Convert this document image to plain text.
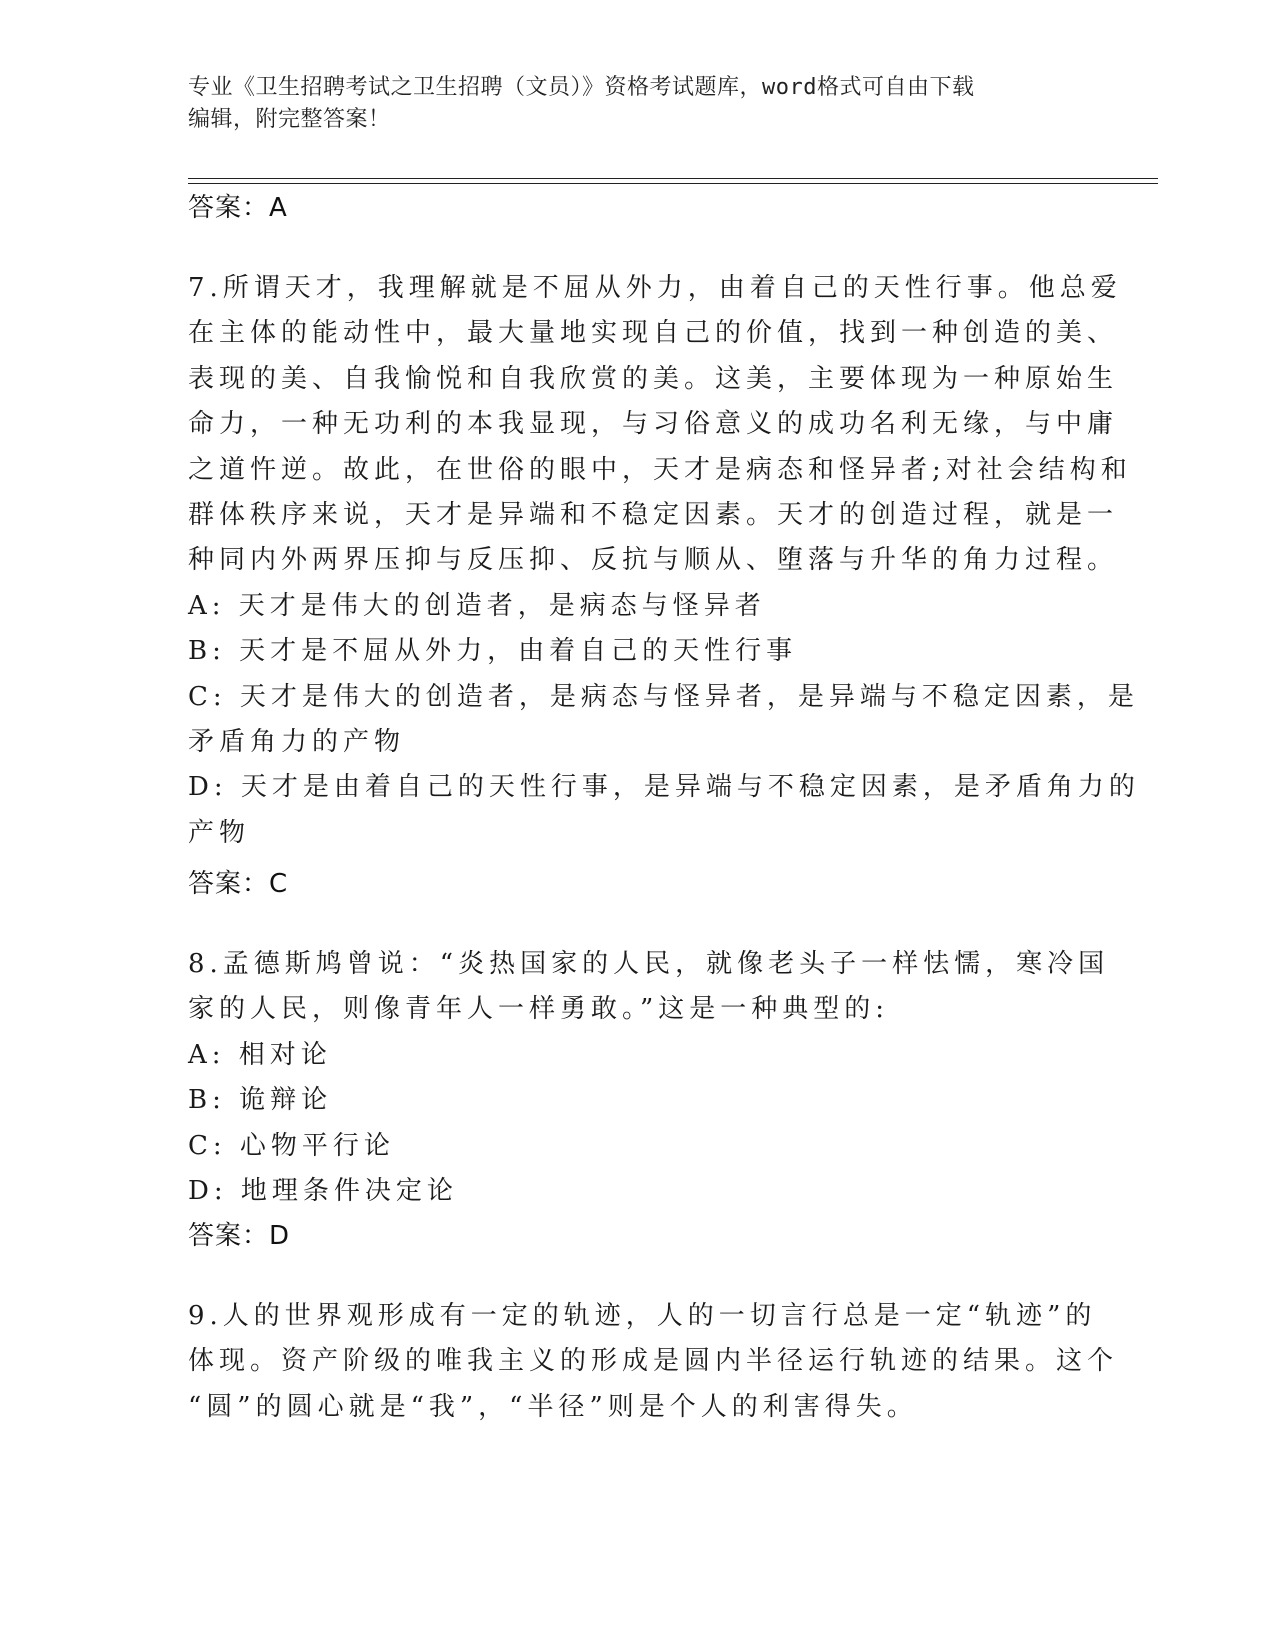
专业《卫生招聘考试之卫生招聘（文员）》资格考试题库，word格式可自由下载
编辑，附完整答案！
答案：A
7.所谓天才，我理解就是不屈从外力，由着自己的天性行事。他总爱
在主体的能动性中，最大量地实现自己的价值，找到一种创造的美、
表现的美、自我愉悦和自我欣赏的美。这美，主要体现为一种原始生
命力，一种无功利的本我显现，与习俗意义的成功名利无缘，与中庸
之道忤逆。故此，在世俗的眼中，天才是病态和怪异者;对社会结构和
群体秩序来说，天才是异端和不稳定因素。天才的创造过程，就是一
种同内外两界压抑与反压抑、反抗与顺从、堕落与升华的角力过程。
A: 天才是伟大的创造者，是病态与怪异者
B: 天才是不屈从外力，由着自己的天性行事
C: 天才是伟大的创造者，是病态与怪异者，是异端与不稳定因素，是
矛盾角力的产物
D: 天才是由着自己的天性行事，是异端与不稳定因素，是矛盾角力的
产物
答案：C
8.孟德斯鸠曾说：“炎热国家的人民，就像老头子一样怯懦，寒冷国
家的人民，则像青年人一样勇敢。”这是一种典型的:
A: 相对论
B: 诡辩论
C: 心物平行论
D: 地理条件决定论
答案：D
9.人的世界观形成有一定的轨迹，人的一切言行总是一定“轨迹”的
体现。资产阶级的唯我主义的形成是圆内半径运行轨迹的结果。这个
“圆”的圆心就是“我”，“半径”则是个人的利害得失。
